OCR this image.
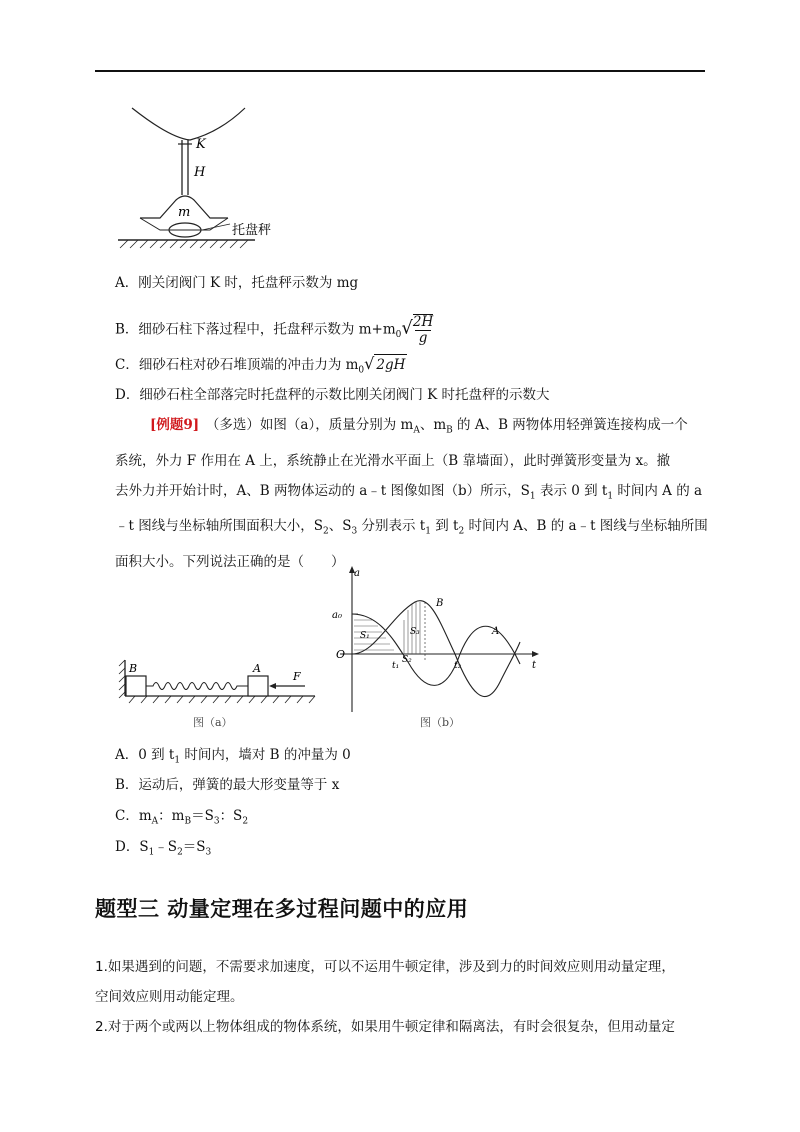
K
H
m
托盘秤
A．刚关闭阀门 K 时，托盘秤示数为 mg
B．细砂石柱下落过程中，托盘秤示数为 $m+m_0√\frac{2H}{g}$
C．细砂石柱对砂石堆顶端的冲击力为 $m_0√$ 2gH
D．细砂石柱全部落完时托盘秤的示数比刚关闭阀门 K 时托盘秤的示数大
[例题9]　 （多选）如图（a），质量分别为 $m_A$、$m_B$ 的 A、B 两物体用轻弹簧连接构成一个
系统，外力 F 作用在 A 上，系统静止在光滑水平面上（B 靠墙面），此时弹簧形变量为 x。撤
去外力并开始计时，A、B 两物体运动的 a﹣t 图像如图（b）所示，$S_1$ 表示 0 到 $t_1$ 时间内 A 的 a
﹣t 图线与坐标轴所围面积大小，$S_2$、$S_3$ 分别表示 $t_1$ 到 $t_2$ 时间内 A、B 的 a﹣t 图线与坐标轴所围
面积大小。下列说法正确的是（　　）
B	A
F
图（a）
a
a₀
O
B
A
t
S₁
S₂
S₃
t₁	t₂
图（b）
A．0 到 $t_1$ 时间内，墙对 B 的冲量为 0
B．运动后，弹簧的最大形变量等于 x
C．$m_A$：$m_B=S_3$：$S_2$
D．$S_1﹣S_2=S_3$
题型三 动量定理在多过程问题中的应用
1.如果遇到的问题，不需要求加速度，可以不运用牛顿定律，涉及到力的时间效应则用动量定理，
空间效应则用动能定理。
2.对于两个或两以上物体组成的物体系统，如果用牛顿定律和隔离法，有时会很复杂，但用动量定
